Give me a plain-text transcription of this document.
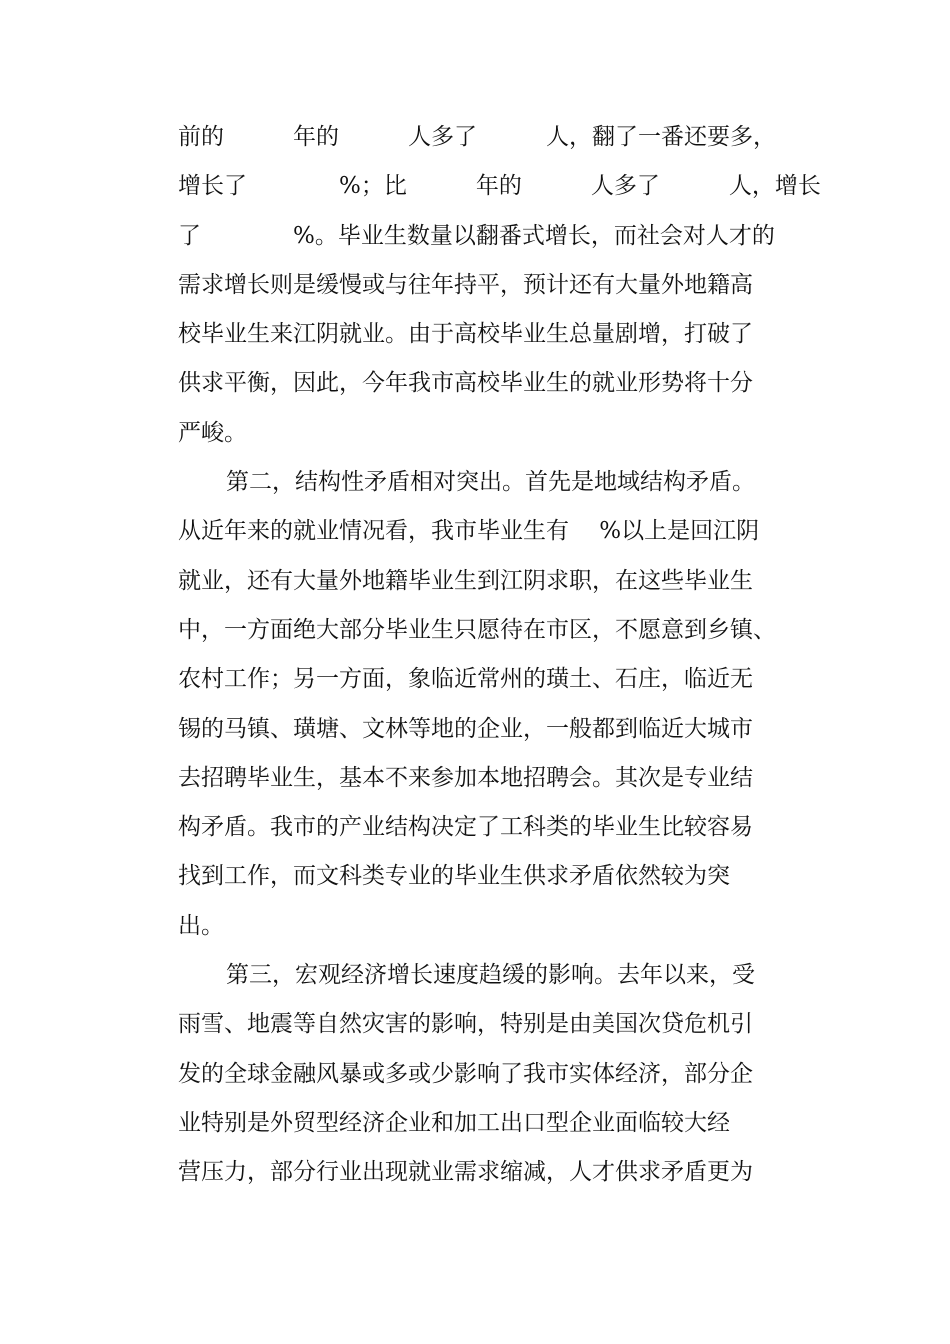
前的　　　年的　　　人多了　　　人，翻了一番还要多，

增长了　　　　%；比　　　年的　　　人多了　　　人，增长

了　　　　%。毕业生数量以翻番式增长，而社会对人才的

需求增长则是缓慢或与往年持平，预计还有大量外地籍高

校毕业生来江阴就业。由于高校毕业生总量剧增，打破了

供求平衡，因此，今年我市高校毕业生的就业形势将十分

严峻。

第二，结构性矛盾相对突出。首先是地域结构矛盾。

从近年来的就业情况看，我市毕业生有　 %以上是回江阴

就业，还有大量外地籍毕业生到江阴求职，在这些毕业生

中，一方面绝大部分毕业生只愿待在市区，不愿意到乡镇、

农村工作；另一方面，象临近常州的璜土、石庄，临近无

锡的马镇、璜塘、文林等地的企业，一般都到临近大城市

去招聘毕业生，基本不来参加本地招聘会。其次是专业结

构矛盾。我市的产业结构决定了工科类的毕业生比较容易

找到工作，而文科类专业的毕业生供求矛盾依然较为突

出。

第三，宏观经济增长速度趋缓的影响。去年以来，受

雨雪、地震等自然灾害的影响，特别是由美国次贷危机引

发的全球金融风暴或多或少影响了我市实体经济，部分企

业特别是外贸型经济企业和加工出口型企业面临较大经

营压力，部分行业出现就业需求缩减，人才供求矛盾更为
